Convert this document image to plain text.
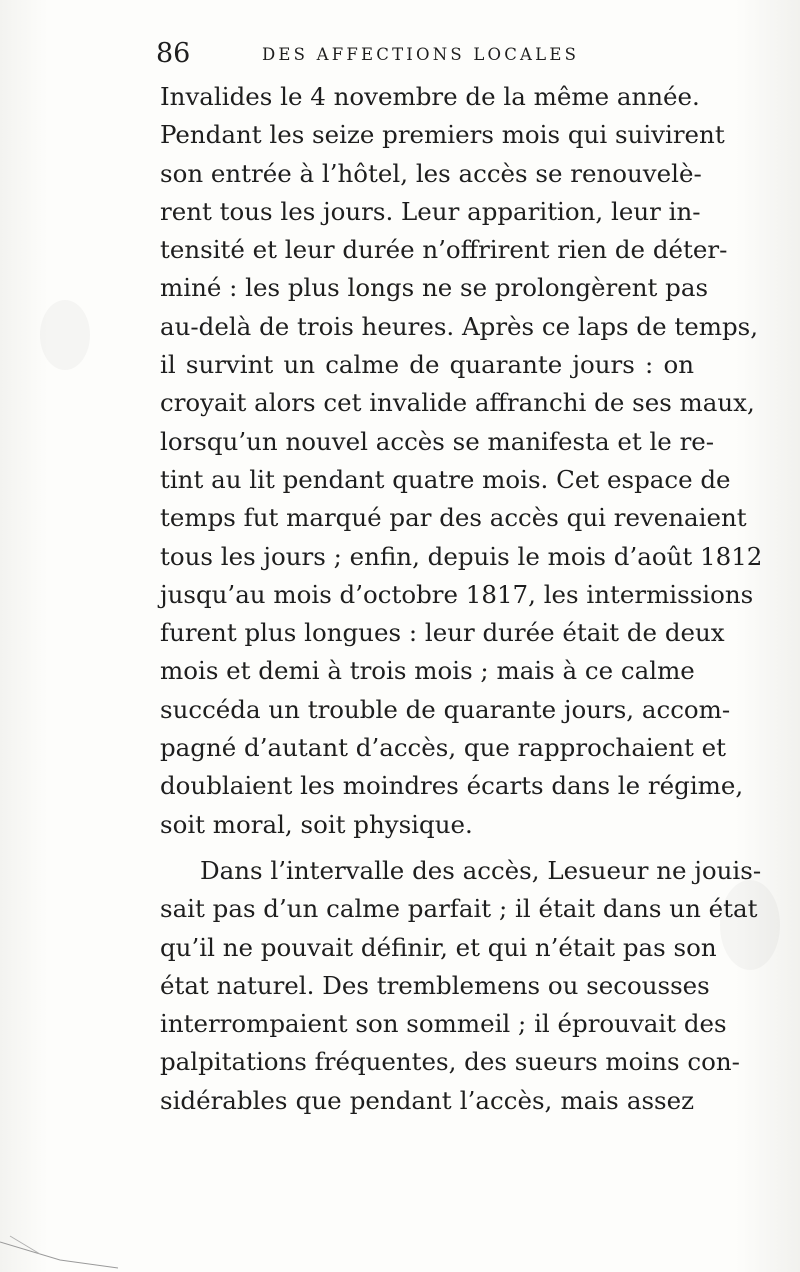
86	DES AFFECTIONS LOCALES
Invalides le 4 novembre de la même année.
Pendant les seize premiers mois qui suivirent
son entrée à l’hôtel, les accès se renouvelè-
rent tous les jours. Leur apparition, leur in-
tensité et leur durée n’offrirent rien de déter-
miné : les plus longs ne se prolongèrent pas
au-delà de trois heures. Après ce laps de temps,
il survint un calme de quarante jours : on
croyait alors cet invalide affranchi de ses maux,
lorsqu’un nouvel accès se manifesta et le re-
tint au lit pendant quatre mois. Cet espace de
temps fut marqué par des accès qui revenaient
tous les jours ; enfin, depuis le mois d’août 1812
jusqu’au mois d’octobre 1817, les intermissions
furent plus longues : leur durée était de deux
mois et demi à trois mois ; mais à ce calme
succéda un trouble de quarante jours, accom-
pagné d’autant d’accès, que rapprochaient et
doublaient les moindres écarts dans le régime,
soit moral, soit physique.
Dans l’intervalle des accès, Lesueur ne jouis-
sait pas d’un calme parfait ; il était dans un état
qu’il ne pouvait définir, et qui n’était pas son
état naturel. Des tremblemens ou secousses
interrompaient son sommeil ; il éprouvait des
palpitations fréquentes, des sueurs moins con-
sidérables que pendant l’accès, mais assez
